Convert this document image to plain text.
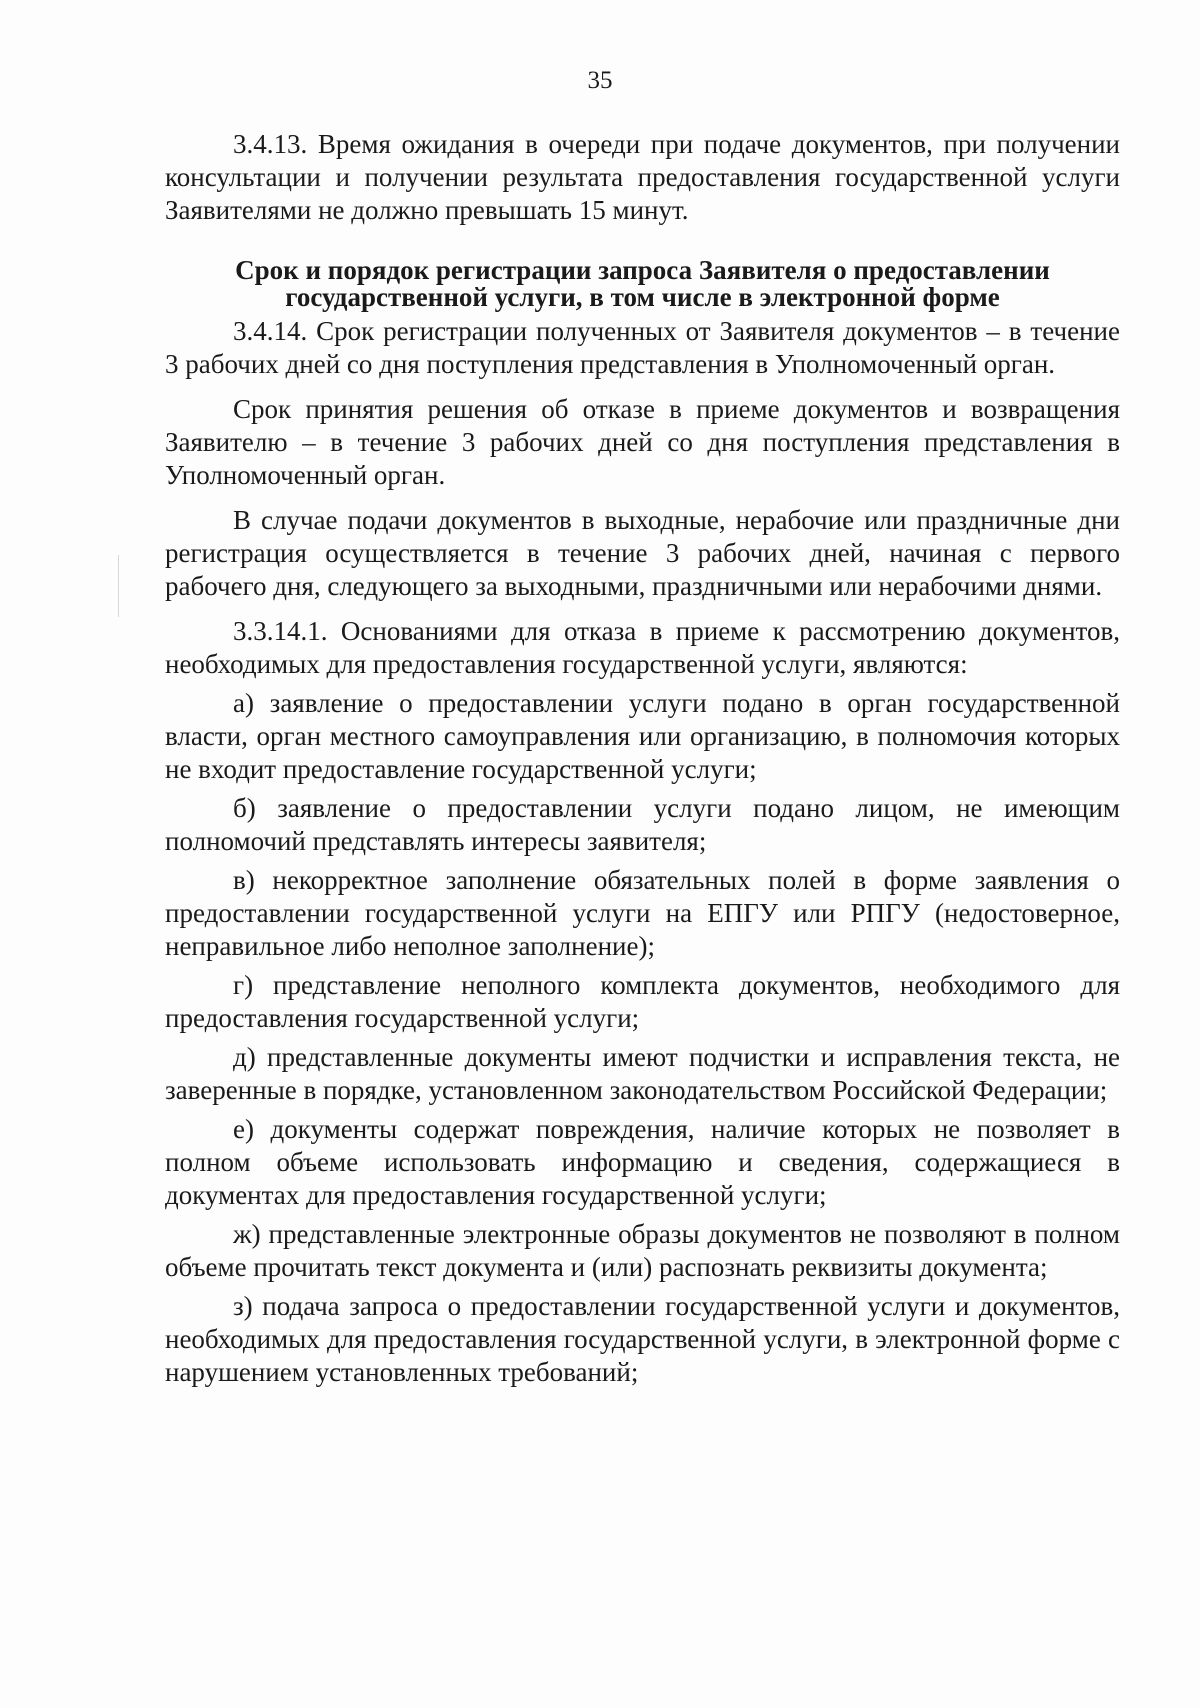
35

3.4.13. Время ожидания в очереди при подаче документов, при получении консультации и получении результата предоставления государственной услуги Заявителями не должно превышать 15 минут.

Срок и порядок регистрации запроса Заявителя о предоставлении
государственной услуги, в том числе в электронной форме

3.4.14. Срок регистрации полученных от Заявителя документов – в течение 3 рабочих дней со дня поступления представления в Уполномоченный орган.

Срок принятия решения об отказе в приеме документов и возвращения Заявителю – в течение 3 рабочих дней со дня поступления представления в Уполномоченный орган.

В случае подачи документов в выходные, нерабочие или праздничные дни регистрация осуществляется в течение 3 рабочих дней, начиная с первого рабочего дня, следующего за выходными, праздничными или нерабочими днями.

3.3.14.1. Основаниями для отказа в приеме к рассмотрению документов, необходимых для предоставления государственной услуги, являются:

а) заявление о предоставлении услуги подано в орган государственной власти, орган местного самоуправления или организацию, в полномочия которых не входит предоставление государственной услуги;

б) заявление о предоставлении услуги подано лицом, не имеющим полномочий представлять интересы заявителя;

в) некорректное заполнение обязательных полей в форме заявления о предоставлении государственной услуги на ЕПГУ или РПГУ (недостоверное, неправильное либо неполное заполнение);

г) представление неполного комплекта документов, необходимого для предоставления государственной услуги;

д) представленные документы имеют подчистки и исправления текста, не заверенные в порядке, установленном законодательством Российской Федерации;

е) документы содержат повреждения, наличие которых не позволяет в полном объеме использовать информацию и сведения, содержащиеся в документах для предоставления государственной услуги;

ж) представленные электронные образы документов не позволяют в полном объеме прочитать текст документа и (или) распознать реквизиты документа;

з) подача запроса о предоставлении государственной услуги и документов, необходимых для предоставления государственной услуги, в электронной форме с нарушением установленных требований;
